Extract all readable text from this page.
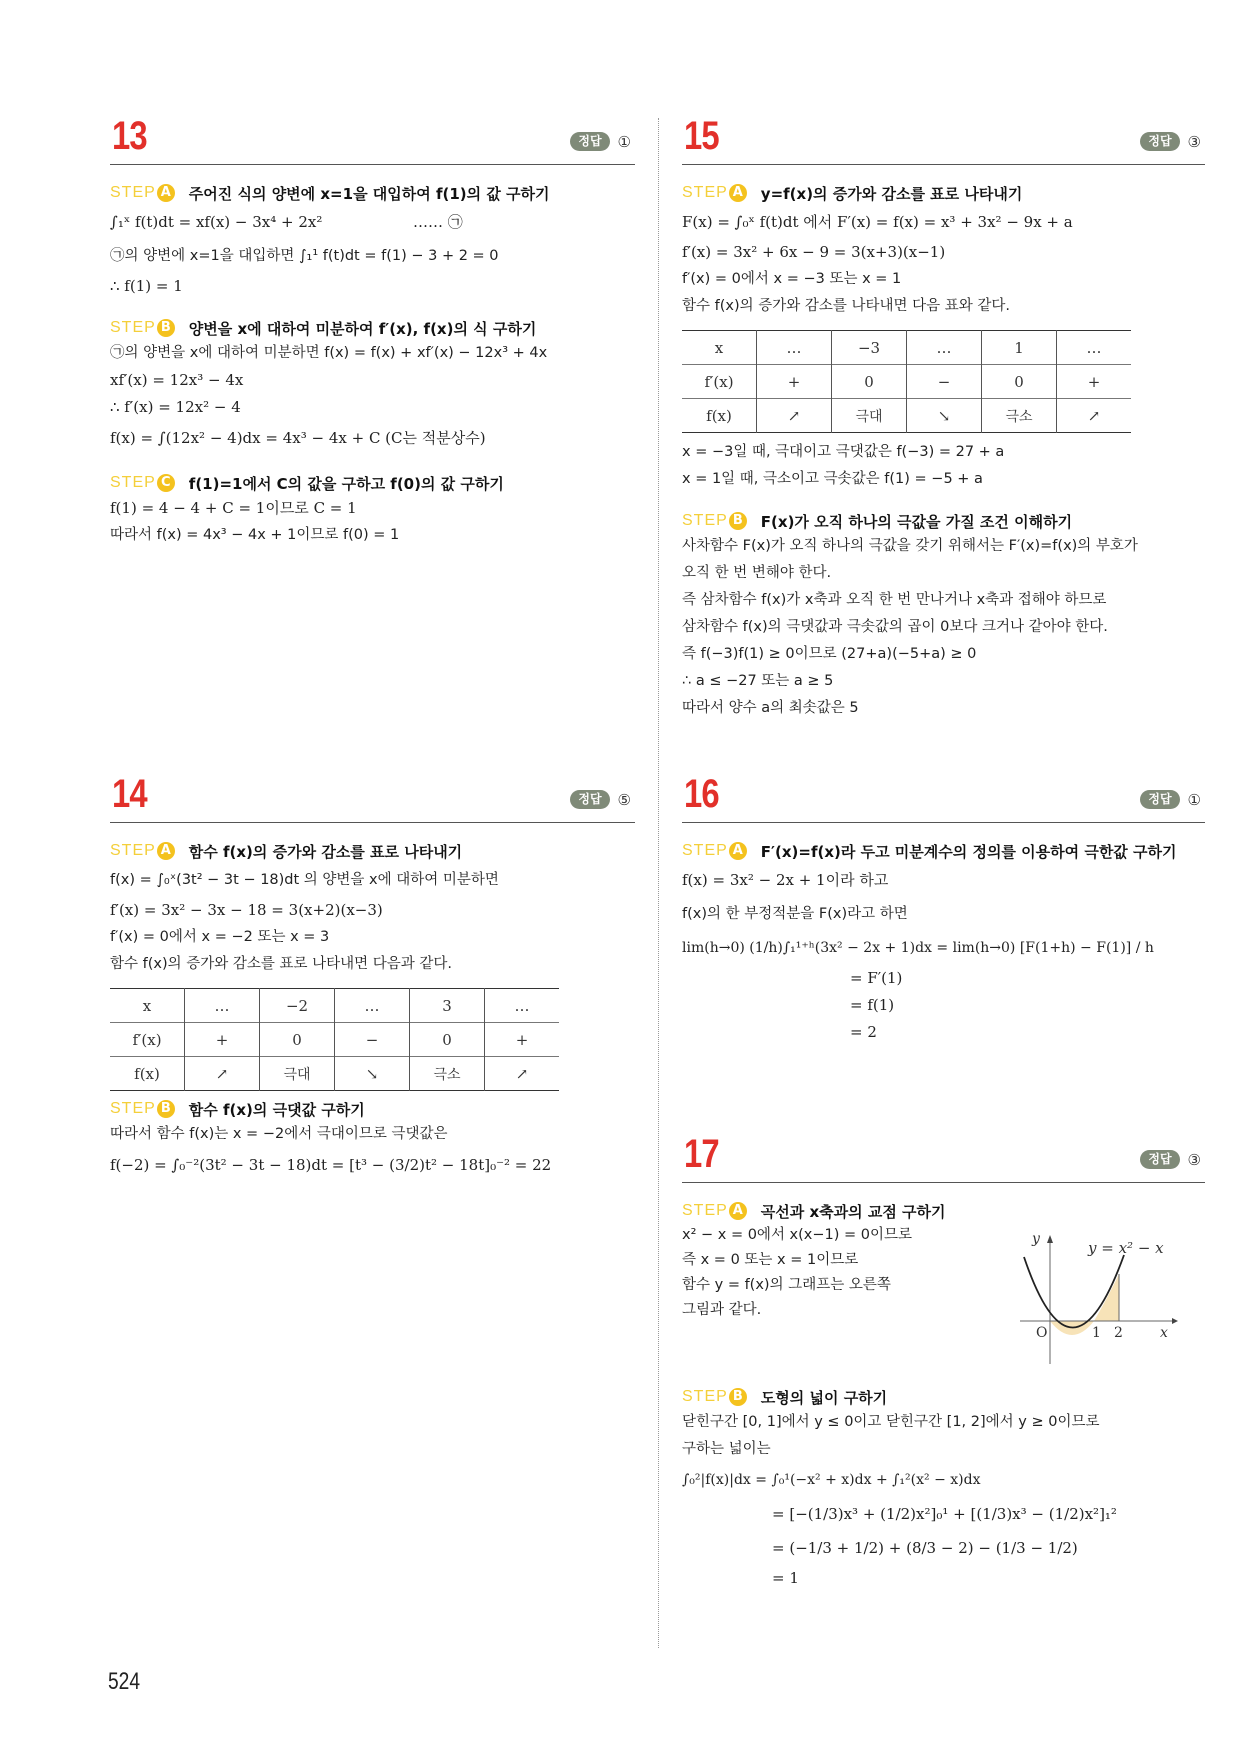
13	정답	①
STEP A 주어진 식의 양변에 x=1을 대입하여 f(1)의 값 구하기
∫₁ˣ f(t)dt = xf(x) − 3x⁴ + 2x²                   …… ㉠
㉠의 양변에 x=1을 대입하면 ∫₁¹ f(t)dt = f(1) − 3 + 2 = 0
∴ f(1) = 1
STEP B 양변을 x에 대하여 미분하여 f′(x), f(x)의 식 구하기
㉠의 양변을 x에 대하여 미분하면 f(x) = f(x) + xf′(x) − 12x³ + 4x
xf′(x) = 12x³ − 4x
∴ f′(x) = 12x² − 4
f(x) = ∫(12x² − 4)dx = 4x³ − 4x + C (C는 적분상수)
STEP C f(1)=1에서 C의 값을 구하고 f(0)의 값 구하기
f(1) = 4 − 4 + C = 1이므로 C = 1
따라서 f(x) = 4x³ − 4x + 1이므로 f(0) = 1
14	정답	⑤
STEP A 함수 f(x)의 증가와 감소를 표로 나타내기
f(x) = ∫₀ˣ(3t² − 3t − 18)dt 의 양변을 x에 대하여 미분하면
f′(x) = 3x² − 3x − 18 = 3(x+2)(x−3)
f′(x) = 0에서 x = −2 또는 x = 3
함수 f(x)의 증가와 감소를 표로 나타내면 다음과 같다.
x	…	−2	…	3	…
f′(x)	+	0	−	0	+
f(x)	↗	극대	↘	극소	↗
STEP B 함수 f(x)의 극댓값 구하기
따라서 함수 f(x)는 x = −2에서 극대이므로 극댓값은
f(−2) = ∫₀⁻²(3t² − 3t − 18)dt = [t³ − (3/2)t² − 18t]₀⁻² = 22
15	정답	③
STEP A y=f(x)의 증가와 감소를 표로 나타내기
F(x) = ∫₀ˣ f(t)dt 에서 F′(x) = f(x) = x³ + 3x² − 9x + a
f′(x) = 3x² + 6x − 9 = 3(x+3)(x−1)
f′(x) = 0에서 x = −3 또는 x = 1
함수 f(x)의 증가와 감소를 나타내면 다음 표와 같다.
x	…	−3	…	1	…
f′(x)	+	0	−	0	+
f(x)	↗	극대	↘	극소	↗
x = −3일 때, 극대이고 극댓값은 f(−3) = 27 + a
x = 1일 때, 극소이고 극솟값은 f(1) = −5 + a
STEP B F(x)가 오직 하나의 극값을 가질 조건 이해하기
사차함수 F(x)가 오직 하나의 극값을 갖기 위해서는 F′(x)=f(x)의 부호가
오직 한 번 변해야 한다.
즉 삼차함수 f(x)가 x축과 오직 한 번 만나거나 x축과 접해야 하므로
삼차함수 f(x)의 극댓값과 극솟값의 곱이 0보다 크거나 같아야 한다.
즉 f(−3)f(1) ≥ 0이므로 (27+a)(−5+a) ≥ 0
∴ a ≤ −27 또는 a ≥ 5
따라서 양수 a의 최솟값은 5
16	정답	①
STEP A F′(x)=f(x)라 두고 미분계수의 정의를 이용하여 극한값 구하기
f(x) = 3x² − 2x + 1이라 하고
f(x)의 한 부정적분을 F(x)라고 하면
lim(h→0) (1/h)∫₁¹⁺ʰ(3x² − 2x + 1)dx = lim(h→0) [F(1+h) − F(1)] / h
= F′(1)
= f(1)
= 2
17	정답	③
STEP A 곡선과 x축과의 교점 구하기
x² − x = 0에서 x(x−1) = 0이므로
즉 x = 0 또는 x = 1이므로
함수 y = f(x)의 그래프는 오른쪽
그림과 같다.
y	y = x² − x
O	1 2	x
STEP B 도형의 넓이 구하기
닫힌구간 [0, 1]에서 y ≤ 0이고 닫힌구간 [1, 2]에서 y ≥ 0이므로
구하는 넓이는
∫₀²|f(x)|dx = ∫₀¹(−x² + x)dx + ∫₁²(x² − x)dx
= [−(1/3)x³ + (1/2)x²]₀¹ + [(1/3)x³ − (1/2)x²]₁²
= (−1/3 + 1/2) + (8/3 − 2) − (1/3 − 1/2)
= 1
524
